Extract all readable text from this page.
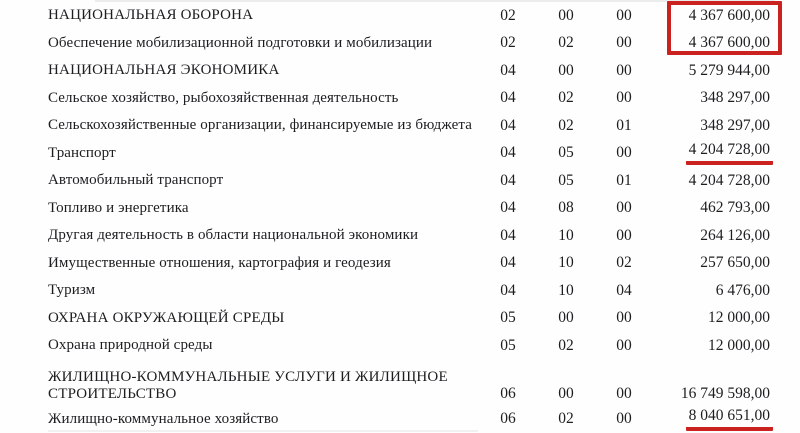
НАЦИОНАЛЬНАЯ ОБОРОНА	02	00	00	4 367 600,00
Обеспечение мобилизационной подготовки и мобилизации	02	02	00	4 367 600,00
НАЦИОНАЛЬНАЯ ЭКОНОМИКА	04	00	00	5 279 944,00
Сельское хозяйство, рыбохозяйственная деятельность	04	02	00	348 297,00
Сельскохозяйственные организации, финансируемые из бюджета	04	02	01	348 297,00
Транспорт	04	05	00	4 204 728,00
Автомобильный транспорт	04	05	01	4 204 728,00
Топливо и энергетика	04	08	00	462 793,00
Другая деятельность в области национальной экономики	04	10	00	264 126,00
Имущественные отношения, картография и геодезия	04	10	02	257 650,00
Туризм	04	10	04	6 476,00
ОХРАНА ОКРУЖАЮЩЕЙ СРЕДЫ	05	00	00	12 000,00
Охрана природной среды	05	02	00	12 000,00
ЖИЛИЩНО-КОММУНАЛЬНЫЕ УСЛУГИ И ЖИЛИЩНОЕ СТРОИТЕЛЬСТВО	06	00	00	16 749 598,00
Жилищно-коммунальное хозяйство	06	02	00	8 040 651,00
